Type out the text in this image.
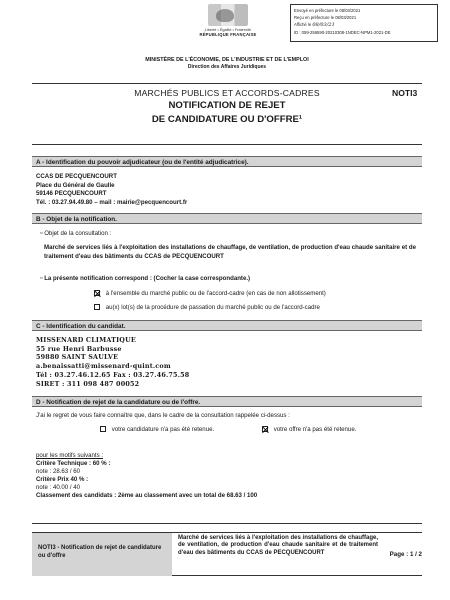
Liberté • Égalité • Fraternité
RÉPUBLIQUE FRANÇAISE
Envoyé en préfecture le 08/03/2021
Reçu en préfecture le 08/03/2021
Affiché le 08/03/21
ID : 059-256590-20210308-1NDEC-NPM1-2021-DE
MINISTÈRE DE L'ÉCONOMIE, DE L'INDUSTRIE ET DE L'EMPLOI
Direction des Affaires Juridiques
MARCHÉS PUBLICS ET ACCORDS-CADRES	NOTI3
NOTIFICATION DE REJET
DE CANDIDATURE OU D'OFFRE¹
A - Identification du pouvoir adjudicateur (ou de l'entité adjudicatrice).
CCAS DE PECQUENCOURT
Place du Général de Gaulle
59146 PECQUENCOURT
Tél. : 03.27.94.49.80 – mail : mairie@pecquencourt.fr
B - Objet de la notification.
▫ Objet de la consultation :
Marché de services liés à l'exploitation des installations de chauffage, de ventilation, de production d'eau chaude sanitaire et de traitement d'eau des bâtiments du CCAS de PECQUENCOURT
▫ La présente notification correspond : (Cocher la case correspondante.)
à l'ensemble du marché public ou de l'accord-cadre (en cas de non allotissement)
au(x) lot(s) de la procédure de passation du marché public ou de l'accord-cadre
C - Identification du candidat.
MISSENARD CLIMATIQUE
55 rue Henri Barbusse
59880 SAINT SAULVE
a.benaissatti@missenard-quint.com
Tél : 03.27.46.12.65 Fax : 03.27.46.75.58
SIRET : 311 098 487 00052
D - Notification de rejet de la candidature ou de l'offre.
J'ai le regret de vous faire connaître que, dans le cadre de la consultation rappelée ci-dessus :
votre candidature n'a pas été retenue.	votre offre n'a pas été retenue.
pour les motifs suivants :
Critère Technique : 60 % :
note : 28.63 / 60
Critère Prix 40 % :
note : 40.00 / 40
Classement des candidats : 2ème au classement avec un total de 68.63 / 100
NOTI3 - Notification de rejet de candidature ou d'offre
Marché de services liés à l'exploitation des installations de chauffage, de ventilation, de production d'eau chaude sanitaire et de traitement d'eau des bâtiments du CCAS de PECQUENCOURT	Page : 1 / 2
